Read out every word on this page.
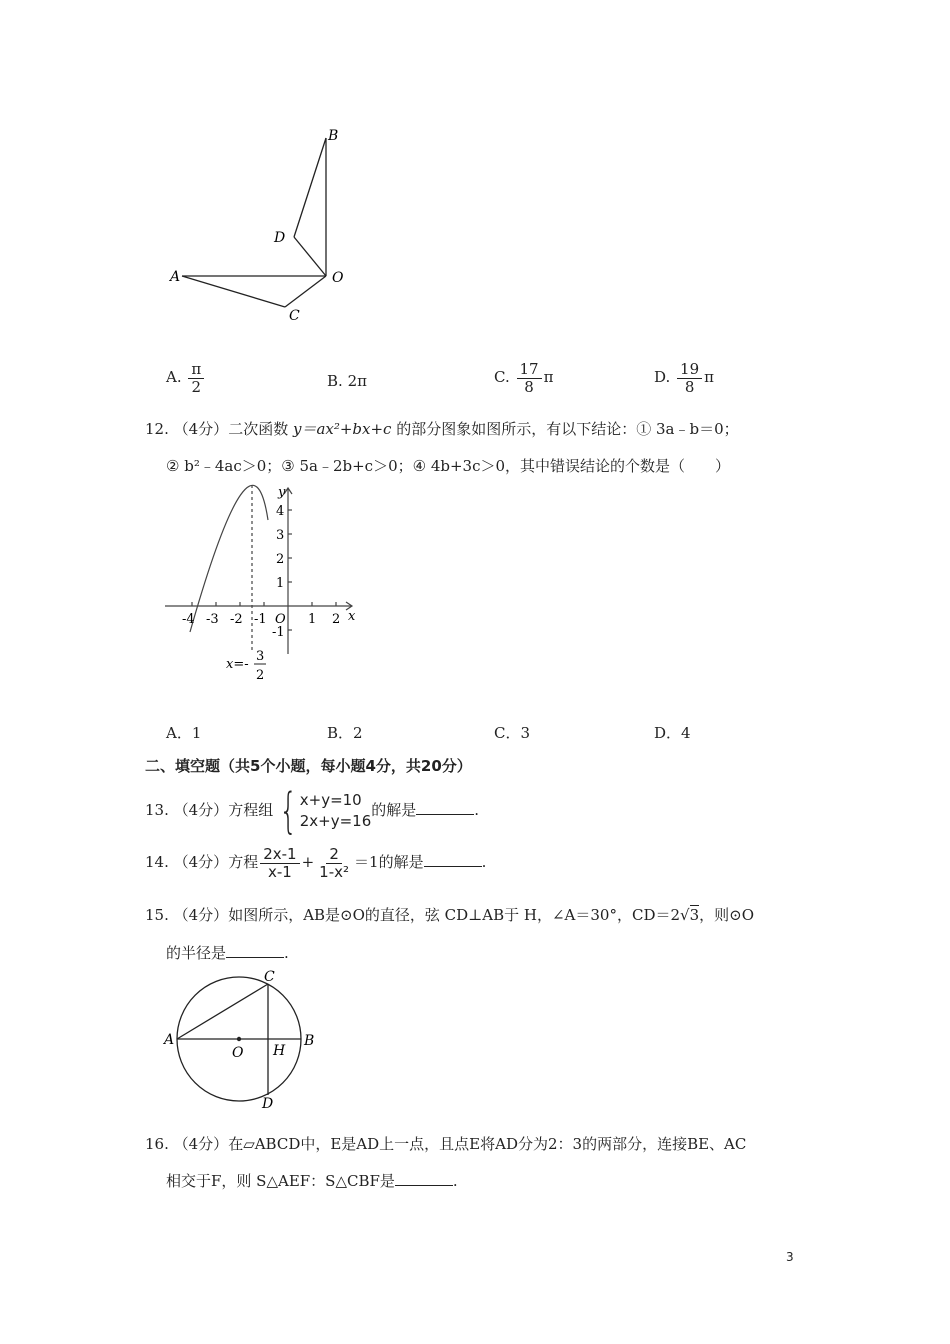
B
D
A	O
C
A. $\frac{\pi}{2}$	B. 2π	C. $\frac{17}{8}$ π	D. $\frac{19}{8}$ π
12. （4分）二次函数 y＝ax²+bx+c 的部分图象如图所示，有以下结论：① 3a﹣b＝0；
② b²﹣4ac＞0；③ 5a﹣2b+c＞0；④ 4b+3c＞0，其中错误结论的个数是（　　）
x
y
O
-4 -3 -2 -1	1 2
4
3
2
1
-1
x=-
3
2
A．1	B．2	C．3	D．4
二、填空题（共5个小题，每小题4分，共20分）
13. （4分）方程组 { x+y=10
2x+y=16
的解是	.
14. （4分）方程 $\frac{2x-1}{x-1} + \frac{2}{\text{1-x²}} =1$的解是	.
15. （4分）如图所示，AB是⊙O的直径，弦 CD⊥AB于 H，∠A＝30°，CD＝2√3，则⊙O
的半径是	.
A	B
C
D
O H
16. （4分）在▱ABCD中，E是AD上一点，且点E将AD分为2：3的两部分，连接BE、AC
相交于F，则 S△AEF：S△CBF是	.
3
